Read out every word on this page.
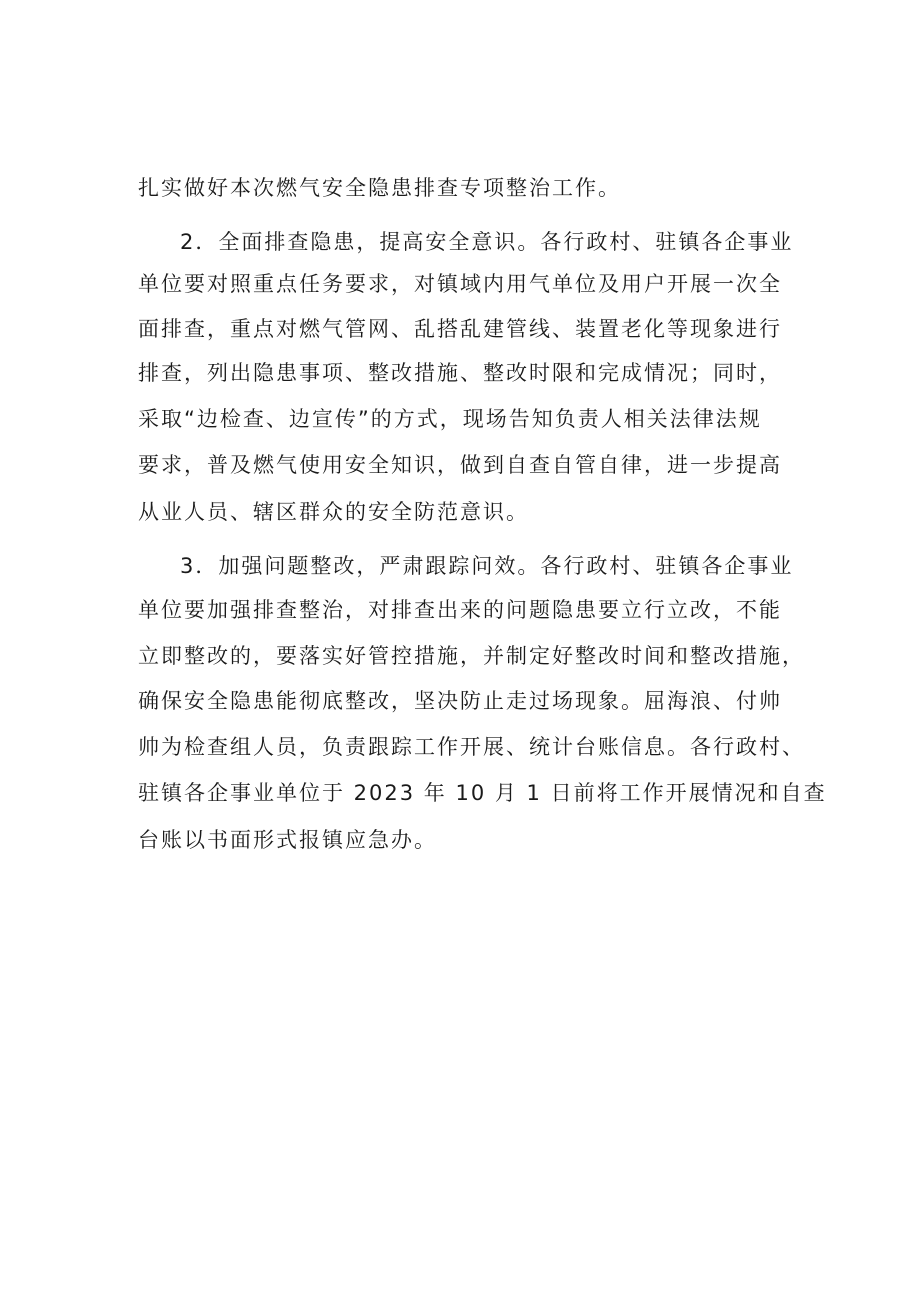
扎实做好本次燃气安全隐患排查专项整治工作。
2．全面排查隐患，提高安全意识。各行政村、驻镇各企事业
单位要对照重点任务要求，对镇域内用气单位及用户开展一次全
面排查，重点对燃气管网、乱搭乱建管线、装置老化等现象进行
排查，列出隐患事项、整改措施、整改时限和完成情况；同时，
采取“边检查、边宣传”的方式，现场告知负责人相关法律法规
要求，普及燃气使用安全知识，做到自查自管自律，进一步提高
从业人员、辖区群众的安全防范意识。
3．加强问题整改，严肃跟踪问效。各行政村、驻镇各企事业
单位要加强排查整治，对排查出来的问题隐患要立行立改，不能
立即整改的，要落实好管控措施，并制定好整改时间和整改措施，
确保安全隐患能彻底整改，坚决防止走过场现象。屈海浪、付帅
帅为检查组人员，负责跟踪工作开展、统计台账信息。各行政村、
驻镇各企事业单位于 2023 年 10 月 1 日前将工作开展情况和自查
台账以书面形式报镇应急办。
